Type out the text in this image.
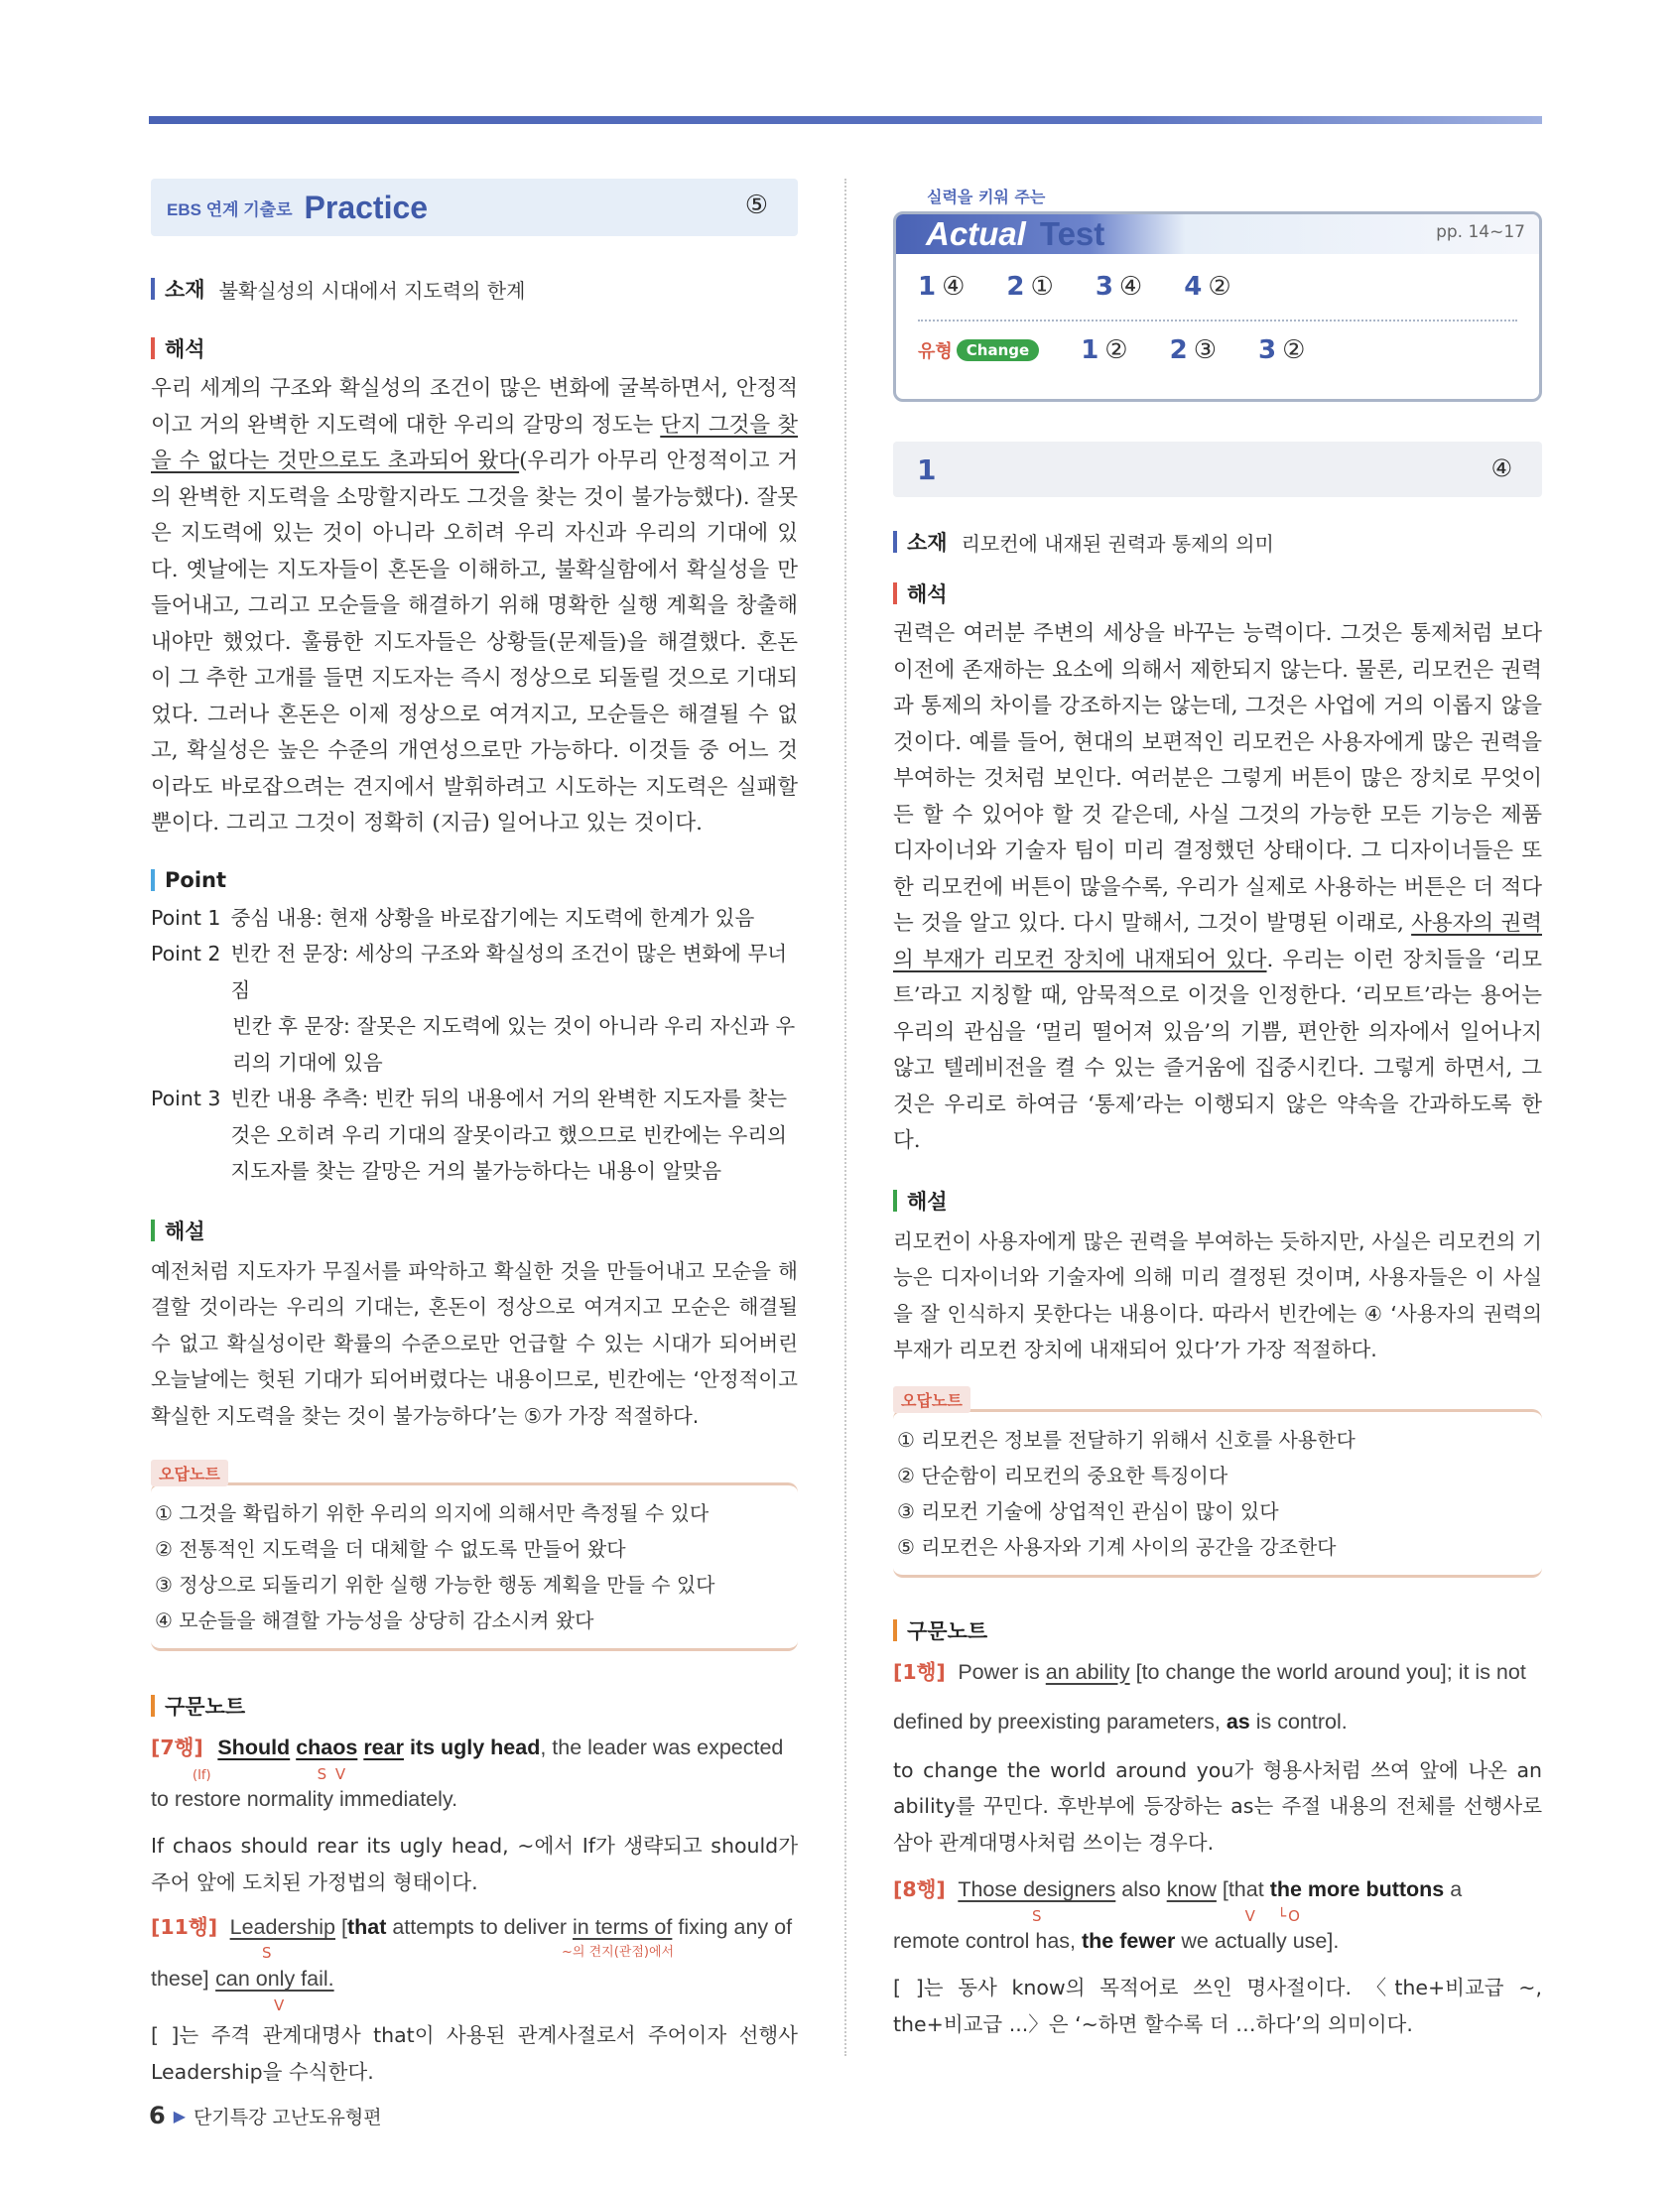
EBS 연계 기출로 Practice	⑤
소재 불확실성의 시대에서 지도력의 한계
해석

우리 세계의 구조와 확실성의 조건이 많은 변화에 굴복하면서, 안정적이고 거의 완벽한 지도력에 대한 우리의 갈망의 정도는 단지 그것을 찾을 수 없다는 것만으로도 초과되어 왔다(우리가 아무리 안정적이고 거의 완벽한 지도력을 소망할지라도 그것을 찾는 것이 불가능했다). 잘못은 지도력에 있는 것이 아니라 오히려 우리 자신과 우리의 기대에 있다. 옛날에는 지도자들이 혼돈을 이해하고, 불확실함에서 확실성을 만들어내고, 그리고 모순들을 해결하기 위해 명확한 실행 계획을 창출해내야만 했었다. 훌륭한 지도자들은 상황들(문제들)을 해결했다. 혼돈이 그 추한 고개를 들면 지도자는 즉시 정상으로 되돌릴 것으로 기대되었다. 그러나 혼돈은 이제 정상으로 여겨지고, 모순들은 해결될 수 없고, 확실성은 높은 수준의 개연성으로만 가능하다. 이것들 중 어느 것이라도 바로잡으려는 견지에서 발휘하려고 시도하는 지도력은 실패할 뿐이다. 그리고 그것이 정확히 (지금) 일어나고 있는 것이다.

Point
Point 1 중심 내용: 현재 상황을 바로잡기에는 지도력에 한계가 있음
Point 2 빈칸 전 문장: 세상의 구조와 확실성의 조건이 많은 변화에 무너짐
빈칸 후 문장: 잘못은 지도력에 있는 것이 아니라 우리 자신과 우리의 기대에 있음
Point 3 빈칸 내용 추측: 빈칸 뒤의 내용에서 거의 완벽한 지도자를 찾는 것은 오히려 우리 기대의 잘못이라고 했으므로 빈칸에는 우리의 지도자를 찾는 갈망은 거의 불가능하다는 내용이 알맞음
해설

예전처럼 지도자가 무질서를 파악하고 확실한 것을 만들어내고 모순을 해결할 것이라는 우리의 기대는, 혼돈이 정상으로 여겨지고 모순은 해결될 수 없고 확실성이란 확률의 수준으로만 언급할 수 있는 시대가 되어버린 오늘날에는 헛된 기대가 되어버렸다는 내용이므로, 빈칸에는 ‘안정적이고 확실한 지도력을 찾는 것이 불가능하다’는 ⑤가 가장 적절하다.

오답노트
① 그것을 확립하기 위한 우리의 의지에 의해서만 측정될 수 있다
② 전통적인 지도력을 더 대체할 수 없도록 만들어 왔다
③ 정상으로 되돌리기 위한 실행 가능한 행동 계획을 만들 수 있다
④ 모순들을 해결할 가능성을 상당히 감소시켜 왔다
구문노트
[7행] Should chaos rear its ugly head, the leader was expected
(If)	S V
to restore normality immediately.

If chaos should rear its ugly head, ~에서 If가 생략되고 should가 주어 앞에 도치된 가정법의 형태이다.

[11행] Leadership [that attempts to deliver in terms of fixing any of
S	~의 견지(관점)에서
these] can only fail.
V

[ ]는 주격 관계대명사 that이 사용된 관계사절로서 주어이자 선행사 Leadership을 수식한다.

실력을 키워 주는
Actual Test	pp. 14~17
1 ④ 2 ① 3 ④ 4 ②
유형 Change	1 ② 2 ③ 3 ②
1	④
소재 리모컨에 내재된 권력과 통제의 의미
해석

권력은 여러분 주변의 세상을 바꾸는 능력이다. 그것은 통제처럼 보다 이전에 존재하는 요소에 의해서 제한되지 않는다. 물론, 리모컨은 권력과 통제의 차이를 강조하지는 않는데, 그것은 사업에 거의 이롭지 않을 것이다. 예를 들어, 현대의 보편적인 리모컨은 사용자에게 많은 권력을 부여하는 것처럼 보인다. 여러분은 그렇게 버튼이 많은 장치로 무엇이든 할 수 있어야 할 것 같은데, 사실 그것의 가능한 모든 기능은 제품 디자이너와 기술자 팀이 미리 결정했던 상태이다. 그 디자이너들은 또한 리모컨에 버튼이 많을수록, 우리가 실제로 사용하는 버튼은 더 적다는 것을 알고 있다. 다시 말해서, 그것이 발명된 이래로, 사용자의 권력의 부재가 리모컨 장치에 내재되어 있다. 우리는 이런 장치들을 ‘리모트’라고 지칭할 때, 암묵적으로 이것을 인정한다. ‘리모트’라는 용어는 우리의 관심을 ‘멀리 떨어져 있음’의 기쁨, 편안한 의자에서 일어나지 않고 텔레비전을 켤 수 있는 즐거움에 집중시킨다. 그렇게 하면서, 그것은 우리로 하여금 ‘통제’라는 이행되지 않은 약속을 간과하도록 한다.

해설

리모컨이 사용자에게 많은 권력을 부여하는 듯하지만, 사실은 리모컨의 기능은 디자이너와 기술자에 의해 미리 결정된 것이며, 사용자들은 이 사실을 잘 인식하지 못한다는 내용이다. 따라서 빈칸에는 ④ ‘사용자의 권력의 부재가 리모컨 장치에 내재되어 있다’가 가장 적절하다.

오답노트
① 리모컨은 정보를 전달하기 위해서 신호를 사용한다
② 단순함이 리모컨의 중요한 특징이다
③ 리모컨 기술에 상업적인 관심이 많이 있다
⑤ 리모컨은 사용자와 기계 사이의 공간을 강조한다
구문노트
[1행] Power is an ability [to change the world around you]; it is not
defined by preexisting parameters, as is control.

to change the world around you가 형용사처럼 쓰여 앞에 나온 an ability를 꾸민다. 후반부에 등장하는 as는 주절 내용의 전체를 선행사로 삼아 관계대명사처럼 쓰이는 경우다.

[8행] Those designers also know [that the more buttons a
S                              V   └O
remote control has, the fewer we actually use].

[ ]는 동사 know의 목적어로 쓰인 명사절이다. 〈the+비교급 ~, the+비교급 ...〉은 ‘~하면 할수록 더 …하다’의 의미이다.

6 ▶ 단기특강 고난도유형편
